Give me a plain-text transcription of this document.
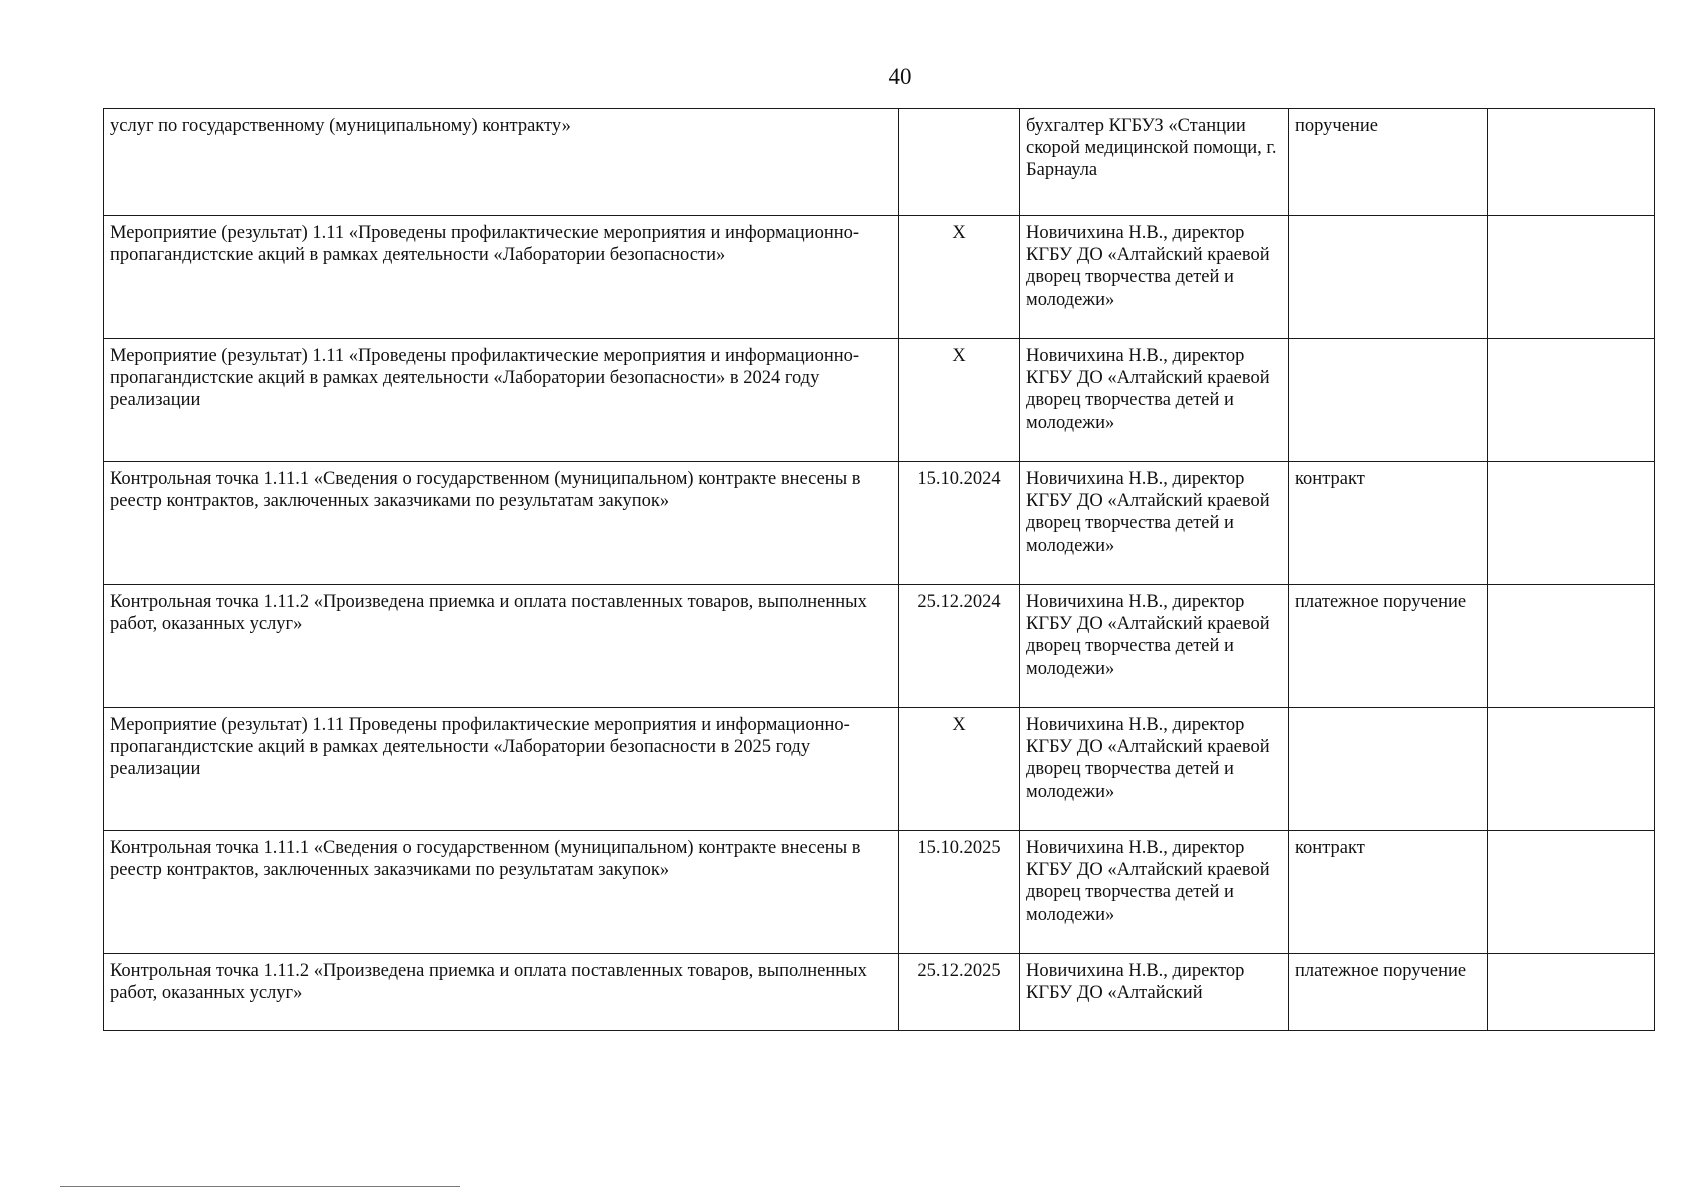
40
услуг по государственному (муниципальному) контракту»		бухгалтер КГБУЗ «Станции скорой медицинской помощи, г. Барнаула	поручение	
Мероприятие (результат) 1.11 «Проведены профилактические мероприятия и информационно-пропагандистские акций в рамках деятельности «Лаборатории безопасности»	X	Новичихина Н.В., директор КГБУ ДО «Алтайский краевой дворец творчества детей и молодежи»		
Мероприятие (результат) 1.11 «Проведены профилактические мероприятия и информационно-пропагандистские акций в рамках деятельности «Лаборатории безопасности» в 2024 году реализации	X	Новичихина Н.В., директор КГБУ ДО «Алтайский краевой дворец творчества детей и молодежи»		
Контрольная точка 1.11.1 «Сведения о государственном (муниципальном) контракте внесены в реестр контрактов, заключенных заказчиками по результатам закупок»	15.10.2024	Новичихина Н.В., директор КГБУ ДО «Алтайский краевой дворец творчества детей и молодежи»	контракт	
Контрольная точка 1.11.2 «Произведена приемка и оплата поставленных товаров, выполненных работ, оказанных услуг»	25.12.2024	Новичихина Н.В., директор КГБУ ДО «Алтайский краевой дворец творчества детей и молодежи»	платежное поручение	
Мероприятие (результат) 1.11 Проведены профилактические мероприятия и информационно-пропагандистские акций в рамках деятельности «Лаборатории безопасности в 2025 году реализации	X	Новичихина Н.В., директор КГБУ ДО «Алтайский краевой дворец творчества детей и молодежи»		
Контрольная точка 1.11.1 «Сведения о государственном (муниципальном) контракте внесены в реестр контрактов, заключенных заказчиками по результатам закупок»	15.10.2025	Новичихина Н.В., директор КГБУ ДО «Алтайский краевой дворец творчества детей и молодежи»	контракт	
Контрольная точка 1.11.2 «Произведена приемка и оплата поставленных товаров, выполненных работ, оказанных услуг»	25.12.2025	Новичихина Н.В., директор КГБУ ДО «Алтайский	платежное поручение	
